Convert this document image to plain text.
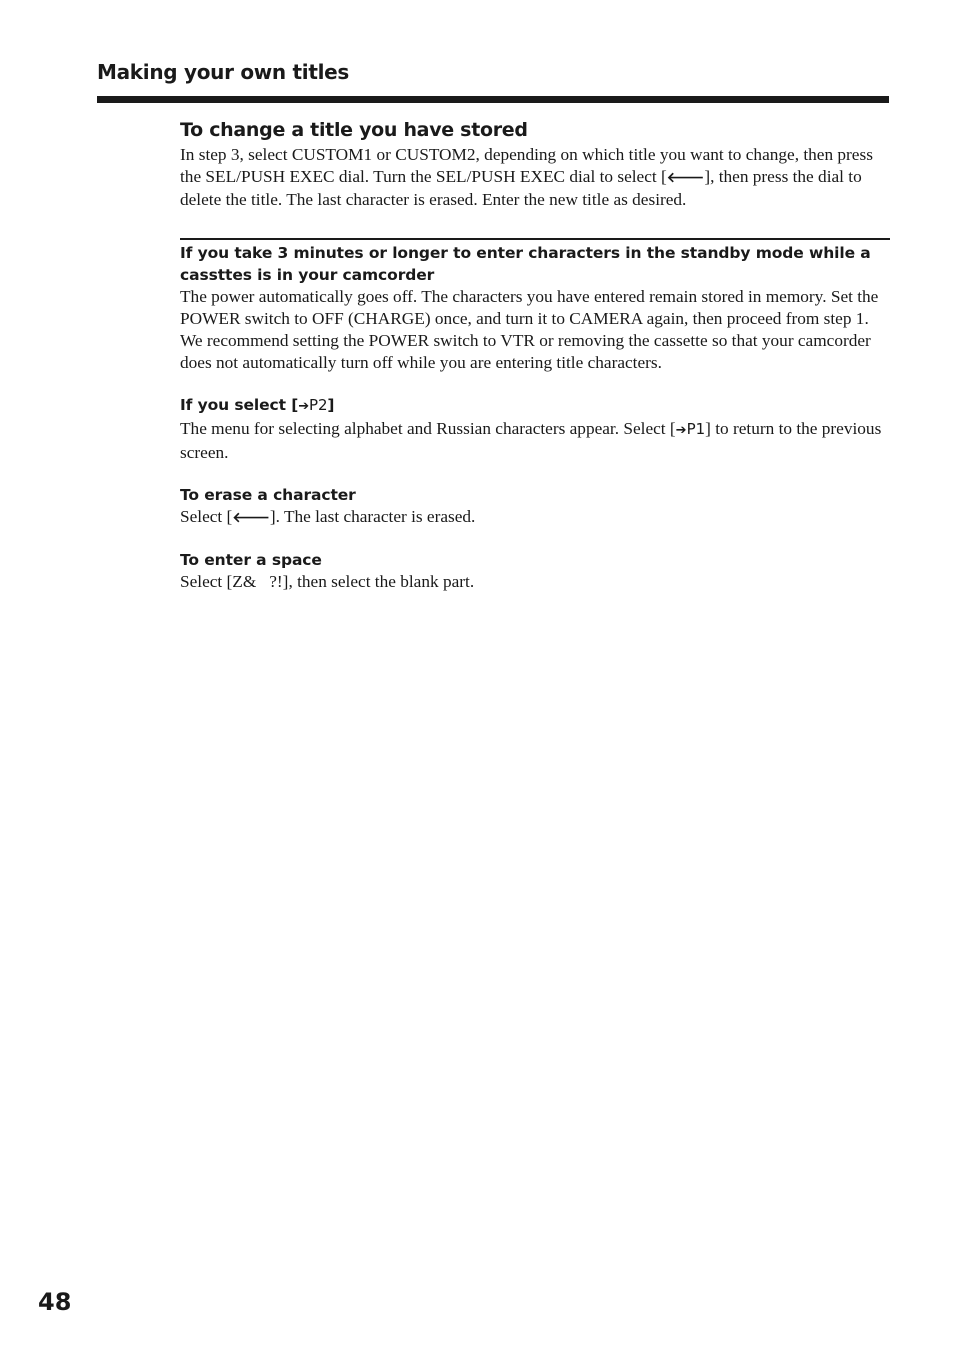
Making your own titles
To change a title you have stored

In step 3, select CUSTOM1 or CUSTOM2, depending on which title you want to change, then press the SEL/PUSH EXEC dial. Turn the SEL/PUSH EXEC dial to select [🡐], then press the dial to delete the title. The last character is erased. Enter the new title as desired.

If you take 3 minutes or longer to enter characters in the standby mode while a cassttes is in your camcorder

The power automatically goes off. The characters you have entered remain stored in memory. Set the POWER switch to OFF (CHARGE) once, and turn it to CAMERA again, then proceed from step 1.

We recommend setting the POWER switch to VTR or removing the cassette so that your camcorder does not automatically turn off while you are entering title characters.

If you select [➔P2]

The menu for selecting alphabet and Russian characters appear. Select [➔P1] to return to the previous screen.

To erase a character

Select [🡐]. The last character is erased.

To enter a space

Select [Z&   ?!], then select the blank part.

48
